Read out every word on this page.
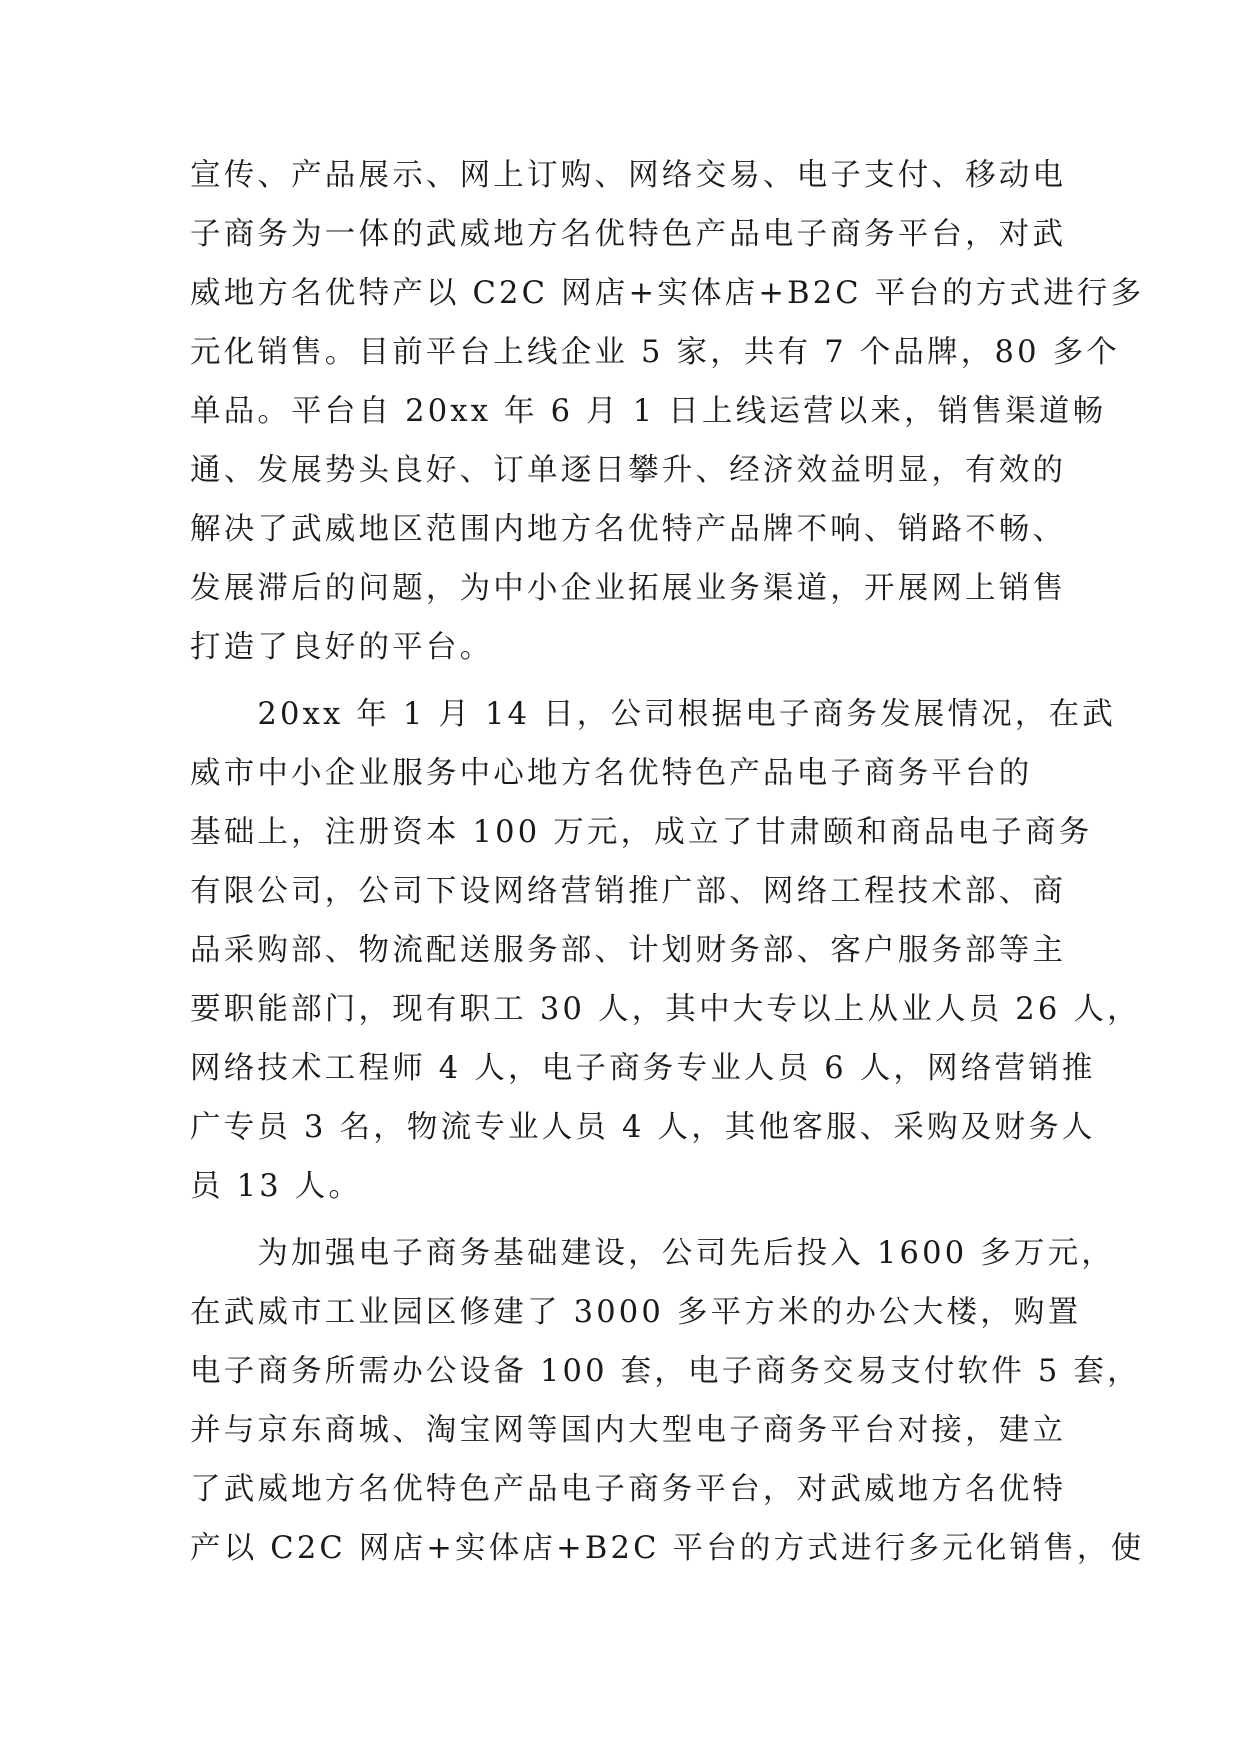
宣传、产品展示、网上订购、网络交易、电子支付、移动电
子商务为一体的武威地方名优特色产品电子商务平台，对武
威地方名优特产以 C2C 网店+实体店+B2C 平台的方式进行多
元化销售。目前平台上线企业 5 家，共有 7 个品牌，80 多个
单品。平台自 20xx 年 6 月 1 日上线运营以来，销售渠道畅
通、发展势头良好、订单逐日攀升、经济效益明显，有效的
解决了武威地区范围内地方名优特产品牌不响、销路不畅、
发展滞后的问题，为中小企业拓展业务渠道，开展网上销售
打造了良好的平台。
　　20xx 年 1 月 14 日，公司根据电子商务发展情况，在武
威市中小企业服务中心地方名优特色产品电子商务平台的
基础上，注册资本 100 万元，成立了甘肃颐和商品电子商务
有限公司，公司下设网络营销推广部、网络工程技术部、商
品采购部、物流配送服务部、计划财务部、客户服务部等主
要职能部门，现有职工 30 人，其中大专以上从业人员 26 人，
网络技术工程师 4 人，电子商务专业人员 6 人，网络营销推
广专员 3 名，物流专业人员 4 人，其他客服、采购及财务人
员 13 人。
　　为加强电子商务基础建设，公司先后投入 1600 多万元，
在武威市工业园区修建了 3000 多平方米的办公大楼，购置
电子商务所需办公设备 100 套，电子商务交易支付软件 5 套，
并与京东商城、淘宝网等国内大型电子商务平台对接，建立
了武威地方名优特色产品电子商务平台，对武威地方名优特
产以 C2C 网店+实体店+B2C 平台的方式进行多元化销售，使
